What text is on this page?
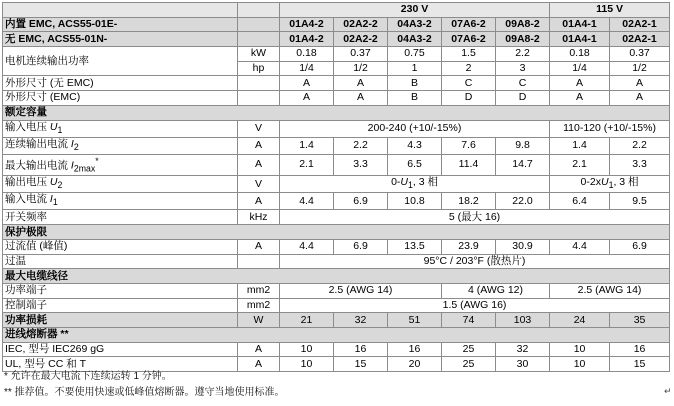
		230 V					115 V	
内置 EMC, ACS55-01E-		01A4-2	02A2-2	04A3-2	07A6-2	09A8-2	01A4-1	02A2-1
无 EMC, ACS55-01N-		01A4-2	02A2-2	04A3-2	07A6-2	09A8-2	01A4-1	02A2-1
电机连续输出功率	kW	0.18	0.37	0.75	1.5	2.2	0.18	0.37
	hp	1/4	1/2	1	2	3	1/4	1/2
外形尺寸 (无 EMC)		A	A	B	C	C	A	A
外形尺寸 (EMC)		A	A	B	D	D	A	A
额定容量								
输入电压 $U_1$	V	200-240 (+10/-15%)					110-120 (+10/-15%)	
连续输出电流 $I_2$	A	1.4	2.2	4.3	7.6	9.8	1.4	2.2
最大输出电流 $I_{2max}^*$	A	2.1	3.3	6.5	11.4	14.7	2.1	3.3
输出电压 $U_2$	V	$0-U_1$, 3 相					$0-2xU_1$, 3 相	
输入电流 $I_1$	A	4.4	6.9	10.8	18.2	22.0	6.4	9.5
开关频率	kHz	5 (最大 16)						
保护极限								
过流值 (峰值)	A	4.4	6.9	13.5	23.9	30.9	4.4	6.9
过温		95°C / 203°F (散热片)						
最大电缆线径								
功率端子	mm2	2.5 (AWG 14)			4 (AWG 12)		2.5 (AWG 14)	
控制端子	mm2	1.5 (AWG 16)						
功率损耗	W	21	32	51	74	103	24	35
进线熔断器 **								
IEC, 型号 IEC269 gG	A	10	16	16	25	32	10	16
UL, 型号 CC 和 T	A	10	15	20	25	30	10	15
* 允许在最大电流下连续运转 1 分钟。
** 推荐值。不要使用快速或低峰值熔断器。遵守当地使用标准。	↵
